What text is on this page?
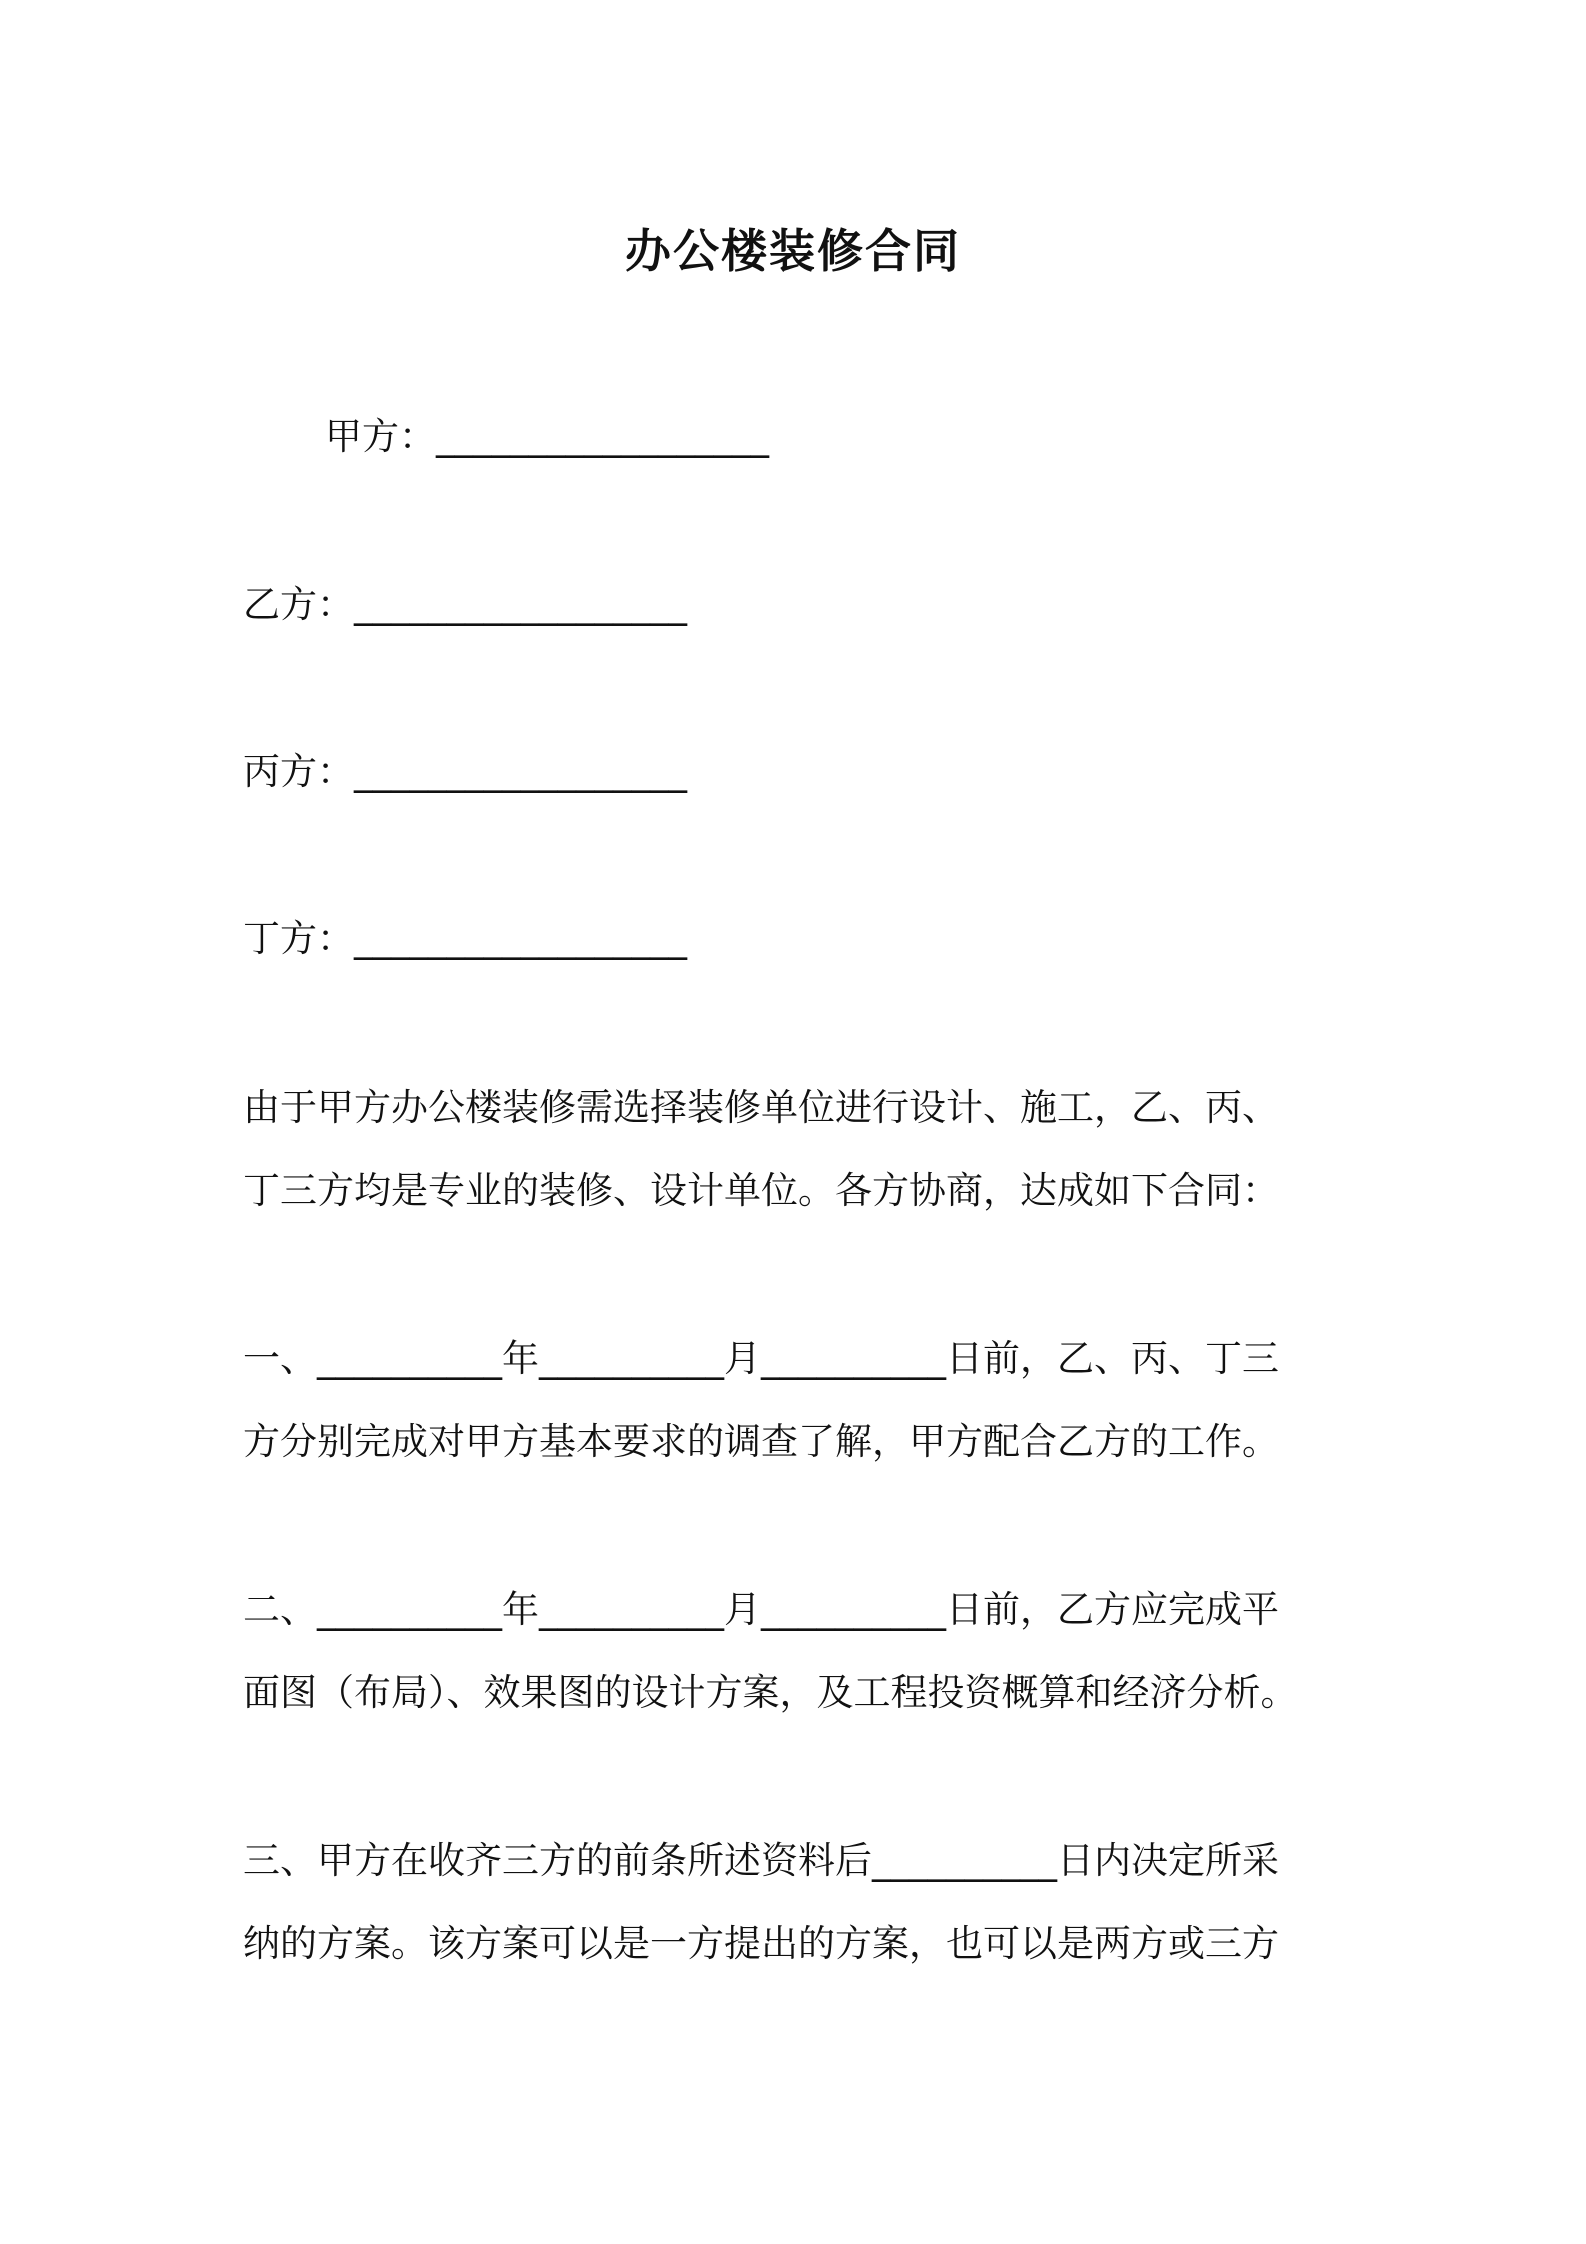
办公楼装修合同

甲方：__________________

乙方：__________________

丙方：__________________

丁方：__________________

由于甲方办公楼装修需选择装修单位进行设计、施工，乙、丙、

丁三方均是专业的装修、设计单位。各方协商，达成如下合同：

一、__________年__________月__________日前，乙、丙、丁三

方分别完成对甲方基本要求的调查了解，甲方配合乙方的工作。

二、__________年__________月__________日前，乙方应完成平

面图（布局）、效果图的设计方案，及工程投资概算和经济分析。

三、甲方在收齐三方的前条所述资料后__________日内决定所采

纳的方案。该方案可以是一方提出的方案，也可以是两方或三方
